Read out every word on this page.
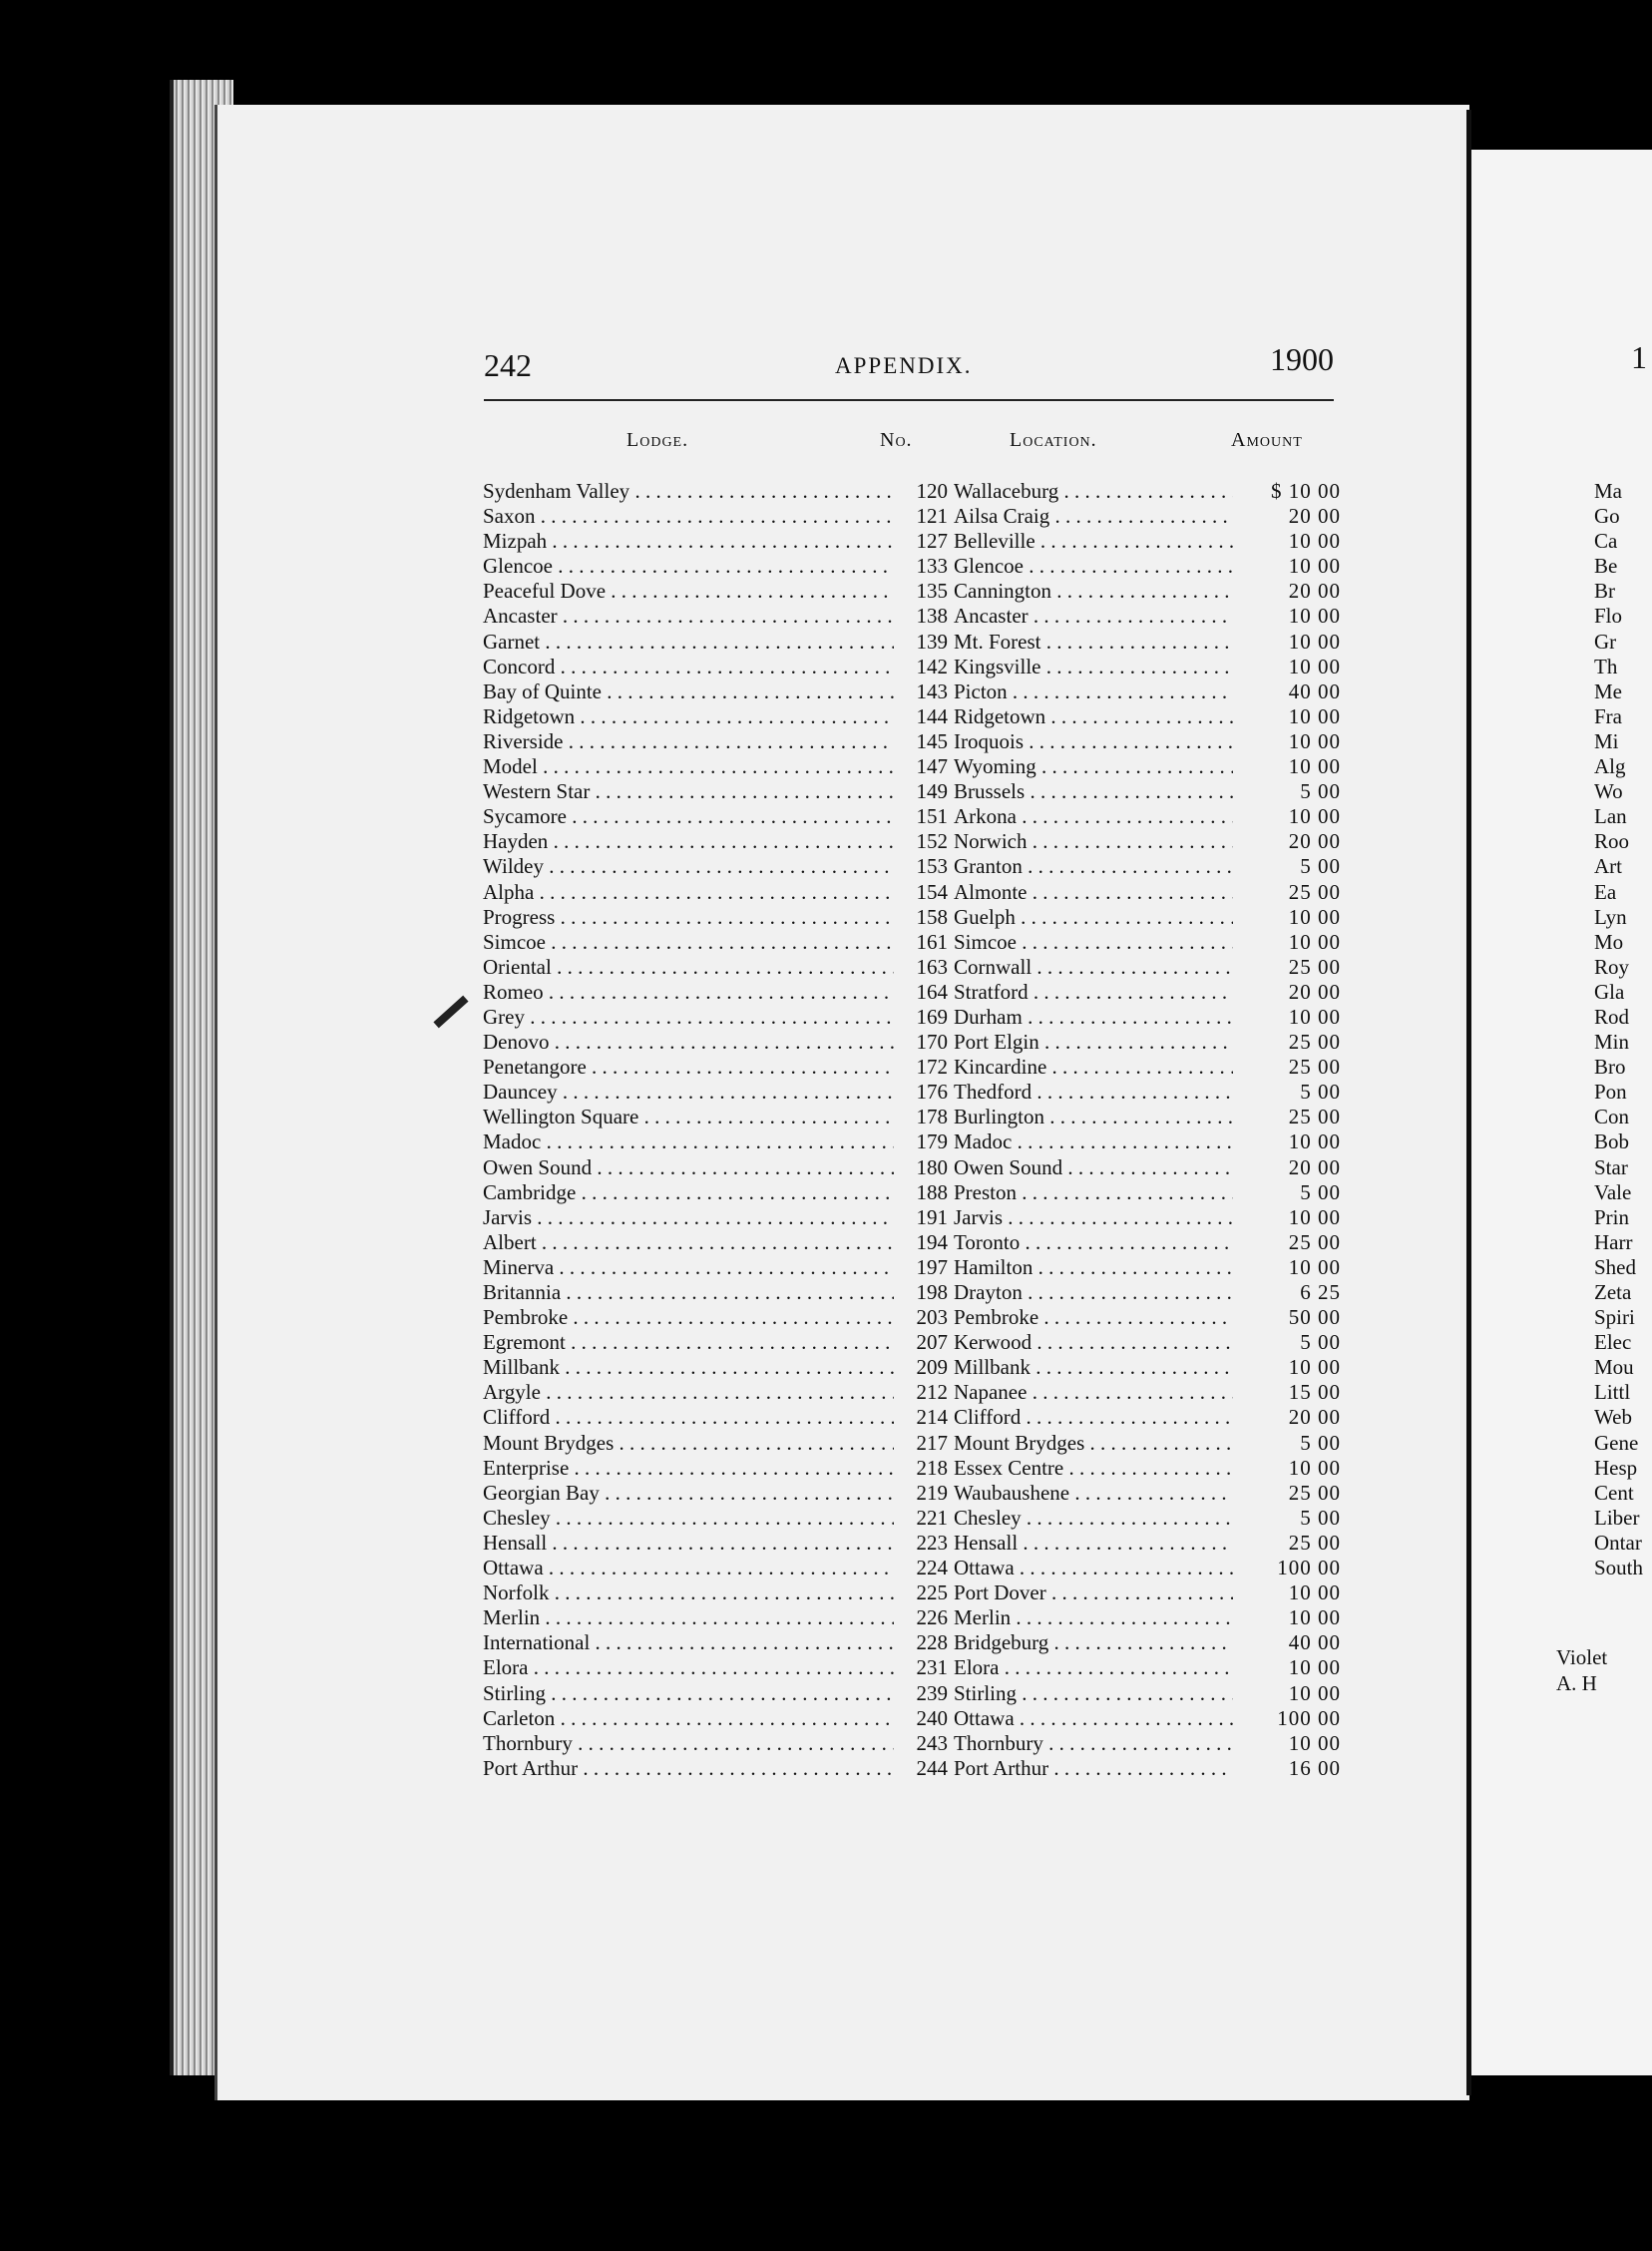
242	APPENDIX.	1900
Lodge.	No.	Location.	Amount
Sydenham Valley . . .	120 Wallaceburg . . .	$ 10 00
Saxon . . .	121 Ailsa Craig . . .	20 00
Mizpah . . .	127 Belleville . . .	10 00
Glencoe . . .	133 Glencoe . . .	10 00
Peaceful Dove . . .	135 Cannington . . .	20 00
Ancaster . . .	138 Ancaster . . .	10 00
Garnet . . .	139 Mt. Forest . . .	10 00
Concord . . .	142 Kingsville . . .	10 00
Bay of Quinte . . .	143 Picton . . .	40 00
Ridgetown . . .	144 Ridgetown . . .	10 00
Riverside . . .	145 Iroquois . . .	10 00
Model . . .	147 Wyoming . . .	10 00
Western Star . . .	149 Brussels . . .	5 00
Sycamore . . .	151 Arkona . . .	10 00
Hayden . . .	152 Norwich . . .	20 00
Wildey . . .	153 Granton . . .	5 00
Alpha . . .	154 Almonte . . .	25 00
Progress . . .	158 Guelph . . .	10 00
Simcoe . . .	161 Simcoe . . .	10 00
Oriental . . .	163 Cornwall . . .	25 00
Romeo . . .	164 Stratford . . .	20 00
Grey . . .	169 Durham . . .	10 00
Denovo . . .	170 Port Elgin . . .	25 00
Penetangore . . .	172 Kincardine . . .	25 00
Dauncey . . .	176 Thedford . . .	5 00
Wellington Square . . .	178 Burlington . . .	25 00
Madoc . . .	179 Madoc . . .	10 00
Owen Sound . . .	180 Owen Sound . . .	20 00
Cambridge . . .	188 Preston . . .	5 00
Jarvis . . .	191 Jarvis . . .	10 00
Albert . . .	194 Toronto . . .	25 00
Minerva . . .	197 Hamilton . . .	10 00
Britannia . . .	198 Drayton . . .	6 25
Pembroke . . .	203 Pembroke . . .	50 00
Egremont . . .	207 Kerwood . . .	5 00
Millbank . . .	209 Millbank . . .	10 00
Argyle . . .	212 Napanee . . .	15 00
Clifford . . .	214 Clifford . . .	20 00
Mount Brydges . . .	217 Mount Brydges . . .	5 00
Enterprise . . .	218 Essex Centre . . .	10 00
Georgian Bay . . .	219 Waubaushene . . .	25 00
Chesley . . .	221 Chesley . . .	5 00
Hensall . . .	223 Hensall . . .	25 00
Ottawa . . .	224 Ottawa . . .	100 00
Norfolk . . .	225 Port Dover . . .	10 00
Merlin . . .	226 Merlin . . .	10 00
International . . .	228 Bridgeburg . . .	40 00
Elora . . .	231 Elora . . .	10 00
Stirling . . .	239 Stirling . . .	10 00
Carleton . . .	240 Ottawa . . .	100 00
Thornbury . . .	243 Thornbury . . .	10 00
Port Arthur . . .	244 Port Arthur . . .	16 00
1
Ma
Go
Ca
Be
Br
Flo
Gr
Th
Me
Fra
Mi
Alg
Wo
Lan
Roo
Art
Ea
Lyn
Mo
Roy
Gla
Rod
Min
Bro
Pon
Con
Bob
Star
Vale
Prin
Harr
Shed
Zeta
Spiri
Elec
Mou
Littl
Web
Gene
Hesp
Cent
Liber
Ontar
South
Violet
A. H
